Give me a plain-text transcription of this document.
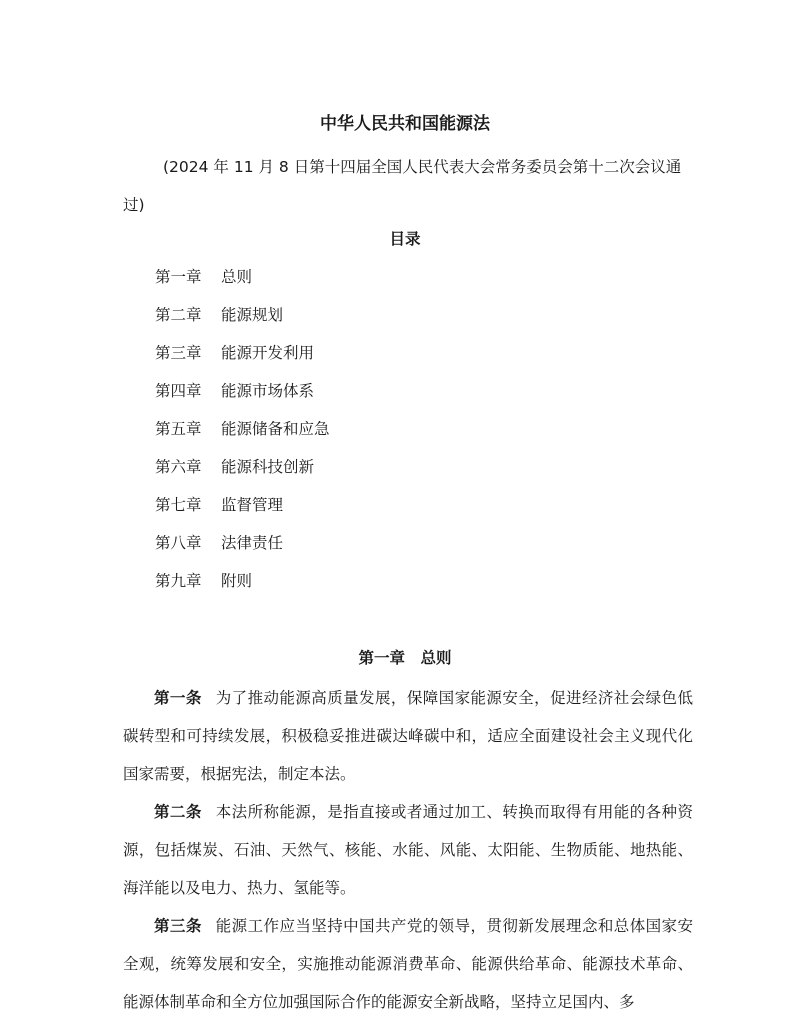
中华人民共和国能源法
(2024 年 11 月 8 日第十四届全国人民代表大会常务委员会第十二次会议通过)
目录
第一章 总则
第二章 能源规划
第三章 能源开发利用
第四章 能源市场体系
第五章 能源储备和应急
第六章 能源科技创新
第七章 监督管理
第八章 法律责任
第九章 附则
第一章　总则

第一条 为了推动能源高质量发展，保障国家能源安全，促进经济社会绿色低碳转型和可持续发展，积极稳妥推进碳达峰碳中和，适应全面建设社会主义现代化国家需要，根据宪法，制定本法。

第二条 本法所称能源，是指直接或者通过加工、转换而取得有用能的各种资源，包括煤炭、石油、天然气、核能、水能、风能、太阳能、生物质能、地热能、海洋能以及电力、热力、氢能等。

第三条 能源工作应当坚持中国共产党的领导，贯彻新发展理念和总体国家安全观，统筹发展和安全，实施推动能源消费革命、能源供给革命、能源技术革命、能源体制革命和全方位加强国际合作的能源安全新战略，坚持立足国内、多
